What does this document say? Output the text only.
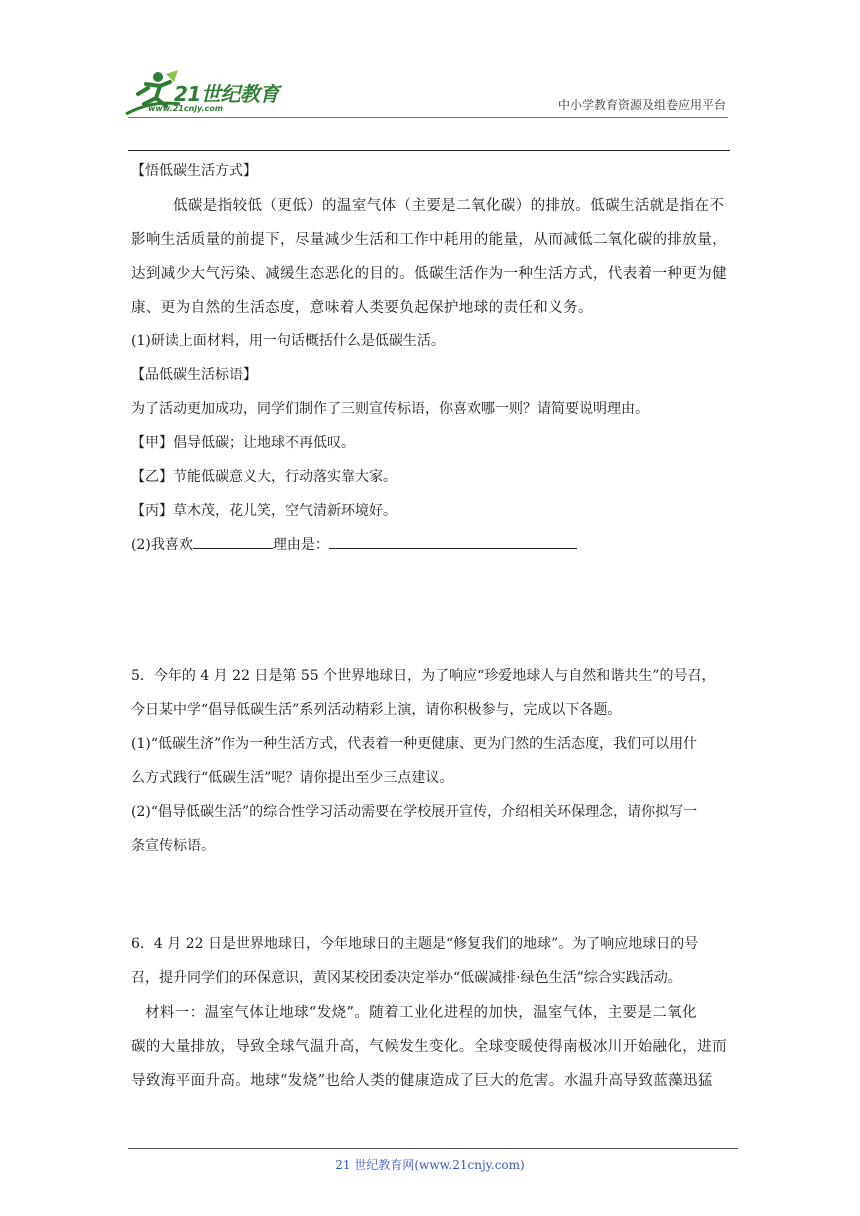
21世纪教育
www.21cnjy.com	中小学教育资源及组卷应用平台
【悟低碳生活方式】
低碳是指较低（更低）的温室气体（主要是二氧化碳）的排放。低碳生活就是指在不
影响生活质量的前提下，尽量减少生活和工作中耗用的能量，从而减低二氧化碳的排放量，
达到减少大气污染、减缓生态恶化的目的。低碳生活作为一种生活方式，代表着一种更为健
康、更为自然的生活态度，意味着人类要负起保护地球的责任和义务。
(1)研读上面材料，用一句话概括什么是低碳生活。
【品低碳生活标语】
为了活动更加成功，同学们制作了三则宣传标语，你喜欢哪一则？请简要说明理由。
【甲】倡导低碳；让地球不再低叹。
【乙】节能低碳意义大，行动落实靠大家。
【丙】草木茂，花儿笑，空气清新环境好。
(2)我喜欢	理由是：
5．今年的 4 月 22 日是第 55 个世界地球日，为了响应“珍爱地球人与自然和谐共生”的号召，
今日某中学“倡导低碳生活”系列活动精彩上演，请你积极参与，完成以下各题。
(1)“低碳生济”作为一种生活方式，代表着一种更健康、更为门然的生活态度，我们可以用什
么方式践行“低碳生活”呢？请你提出至少三点建议。
(2)“倡导低碳生活”的综合性学习活动需要在学校展开宣传，介绍相关环保理念，请你拟写一
条宣传标语。
6．4 月 22 日是世界地球日，今年地球日的主题是“修复我们的地球”。为了响应地球日的号
召，提升同学们的环保意识，黄冈某校团委决定举办“低碳减排·绿色生活”综合实践活动。
材料一：温室气体让地球“发烧”。随着工业化进程的加快，温室气体，主要是二氧化
碳的大量排放，导致全球气温升高，气候发生变化。全球变暖使得南极冰川开始融化，进而
导致海平面升高。地球“发烧”也给人类的健康造成了巨大的危害。水温升高导致蓝藻迅猛
21 世纪教育网(www.21cnjy.com)
